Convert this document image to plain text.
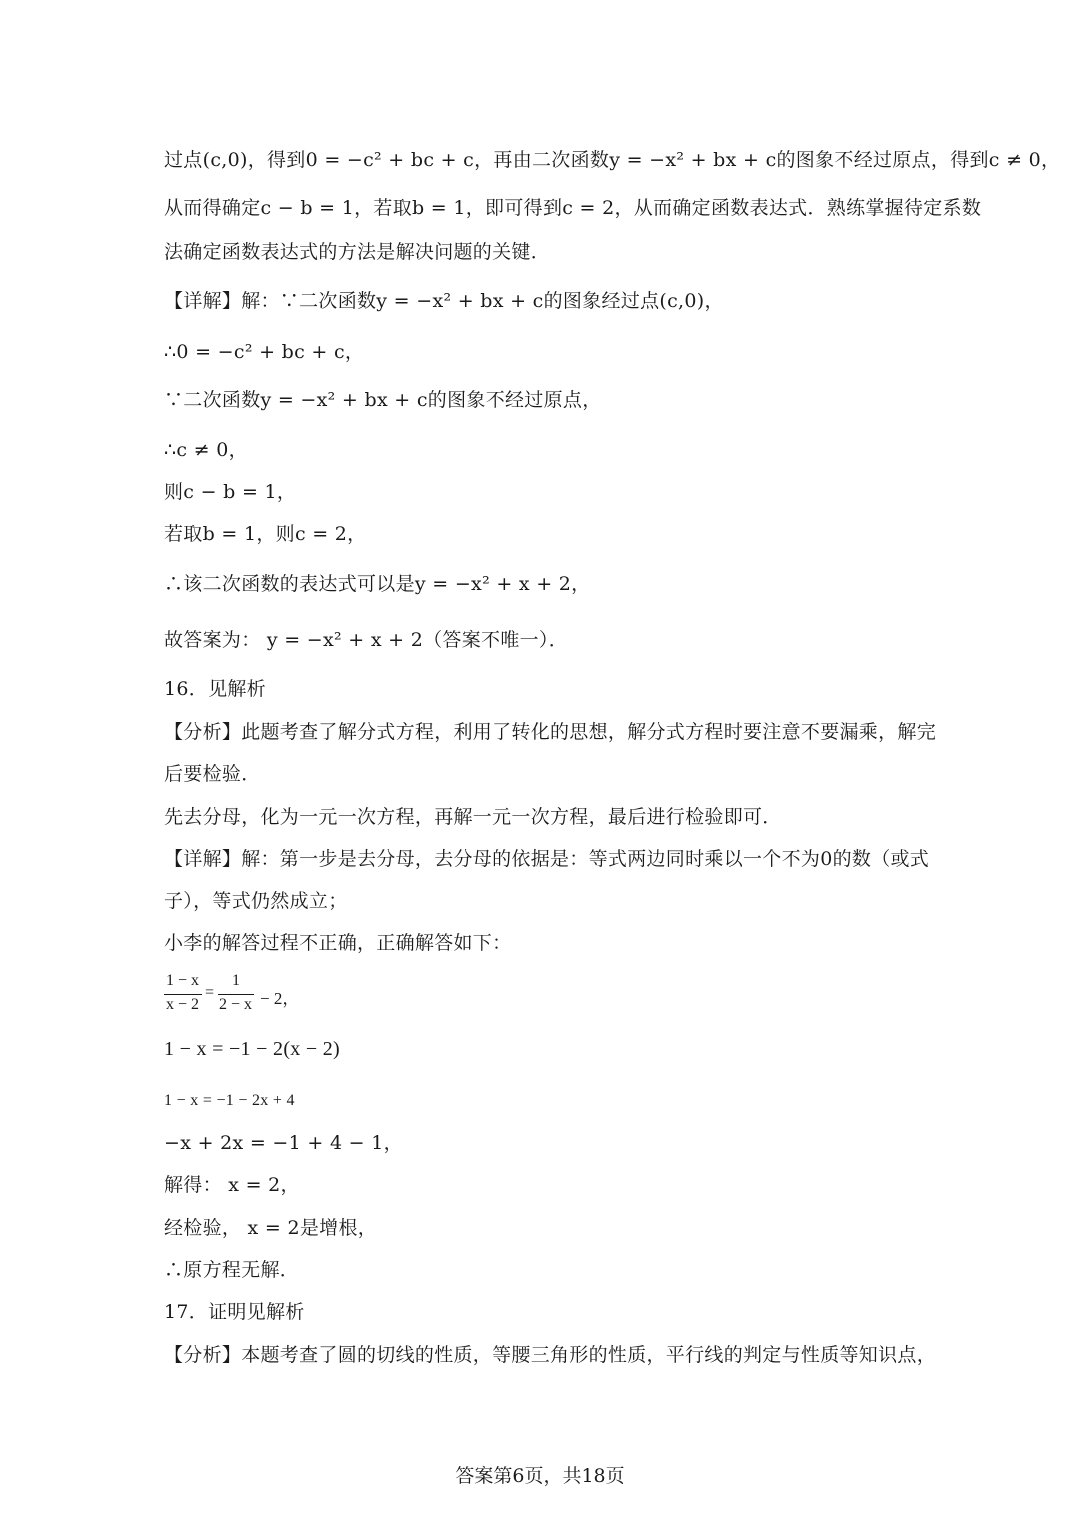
过点(c,0)，得到0 = −c² + bc + c，再由二次函数y = −x² + bx + c的图象不经过原点，得到c ≠ 0，
从而得确定c − b = 1，若取b = 1，即可得到c = 2，从而确定函数表达式．熟练掌握待定系数
法确定函数表达式的方法是解决问题的关键．
【详解】解：∵二次函数y = −x² + bx + c的图象经过点(c,0)，
∴0 = −c² + bc + c，
∵二次函数y = −x² + bx + c的图象不经过原点，
∴c ≠ 0，
则c − b = 1，
若取b = 1，则c = 2，
∴该二次函数的表达式可以是y = −x² + x + 2，
故答案为： y = −x² + x + 2（答案不唯一）．
16．见解析
【分析】此题考查了解分式方程，利用了转化的思想，解分式方程时要注意不要漏乘，解完
后要检验．
先去分母，化为一元一次方程，再解一元一次方程，最后进行检验即可．
【详解】解：第一步是去分母，去分母的依据是：等式两边同时乘以一个不为0的数（或式
子），等式仍然成立；
小李的解答过程不正确，正确解答如下：
1 − x
x − 2
=
1
2 − x − 2，
1 − x = −1 − 2(x − 2)
1 − x = −1 − 2x + 4
−x + 2x = −1 + 4 − 1，
解得： x = 2，
经检验， x = 2是增根，
∴原方程无解．
17．证明见解析
【分析】本题考查了圆的切线的性质，等腰三角形的性质，平行线的判定与性质等知识点，
答案第6页，共18页
